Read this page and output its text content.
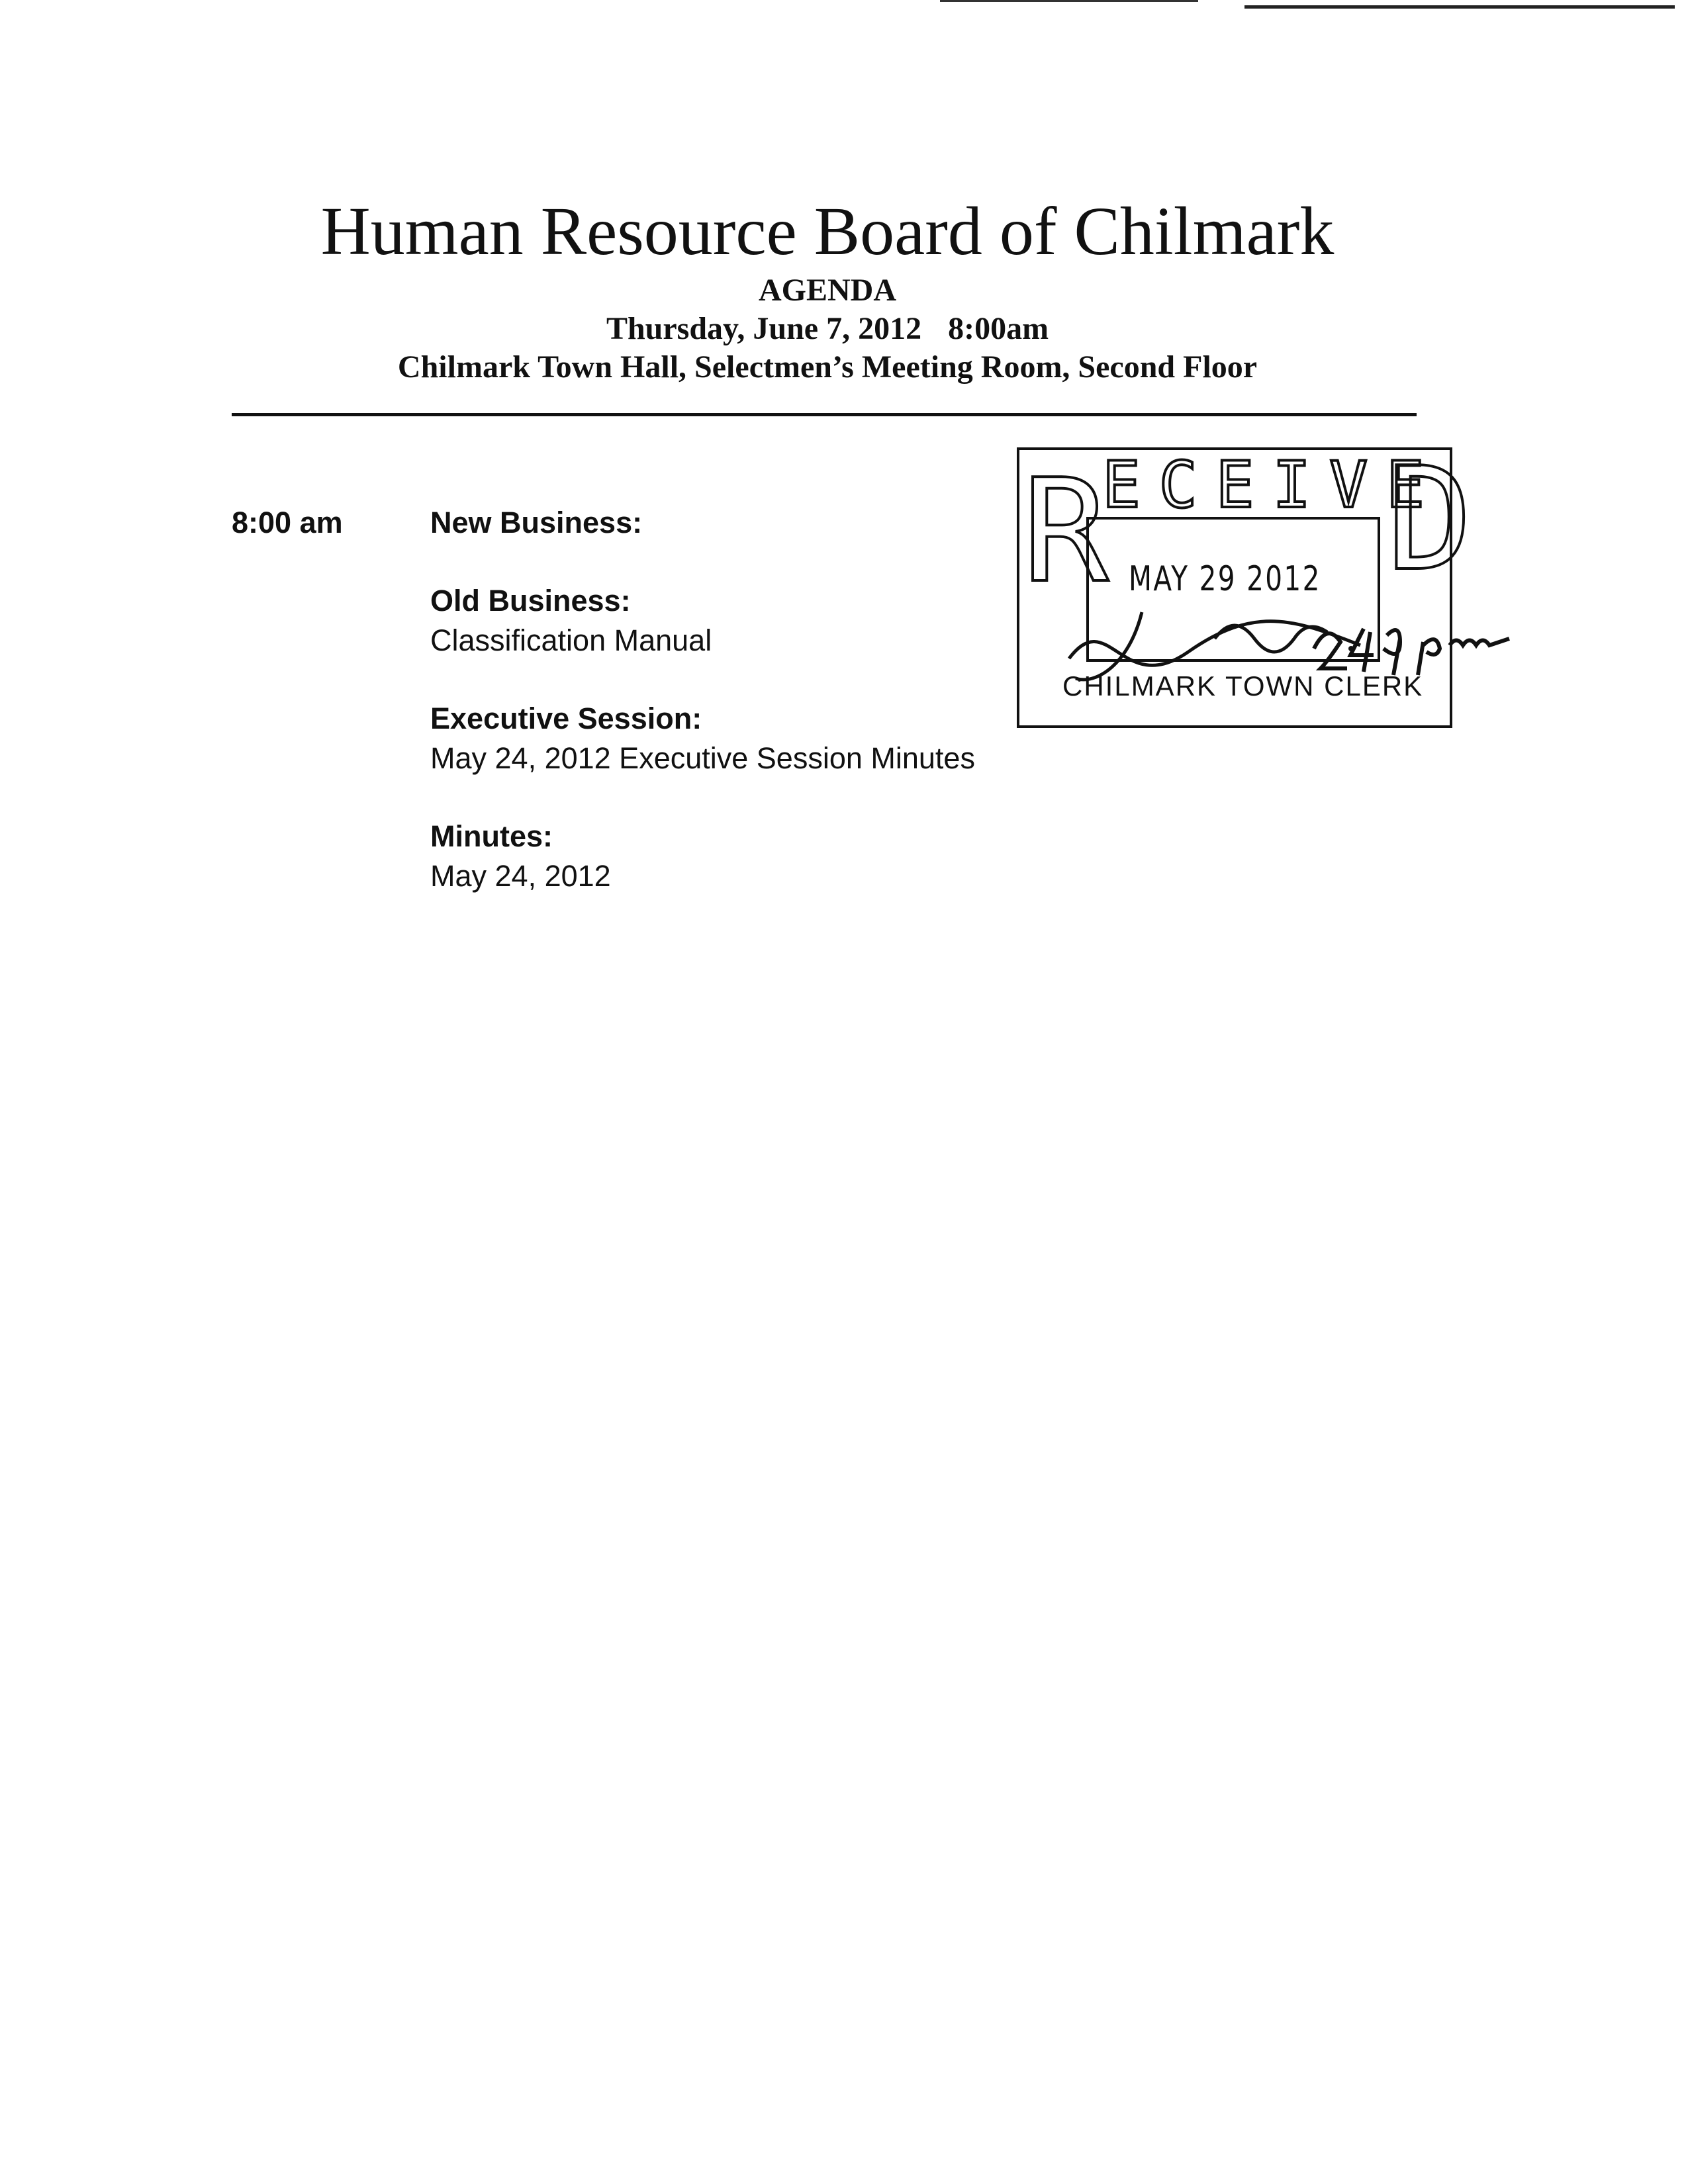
Human Resource Board of Chilmark
AGENDA
Thursday, June 7, 2012 8:00am
Chilmark Town Hall, Selectmen’s Meeting Room, Second Floor
8:00 am	New Business:
Old Business:
Classification Manual
Executive Session:
May 24, 2012 Executive Session Minutes
Minutes:
May 24, 2012
R
ECEIVE
D
MAY 29 2012
CHILMARK TOWN CLERK
